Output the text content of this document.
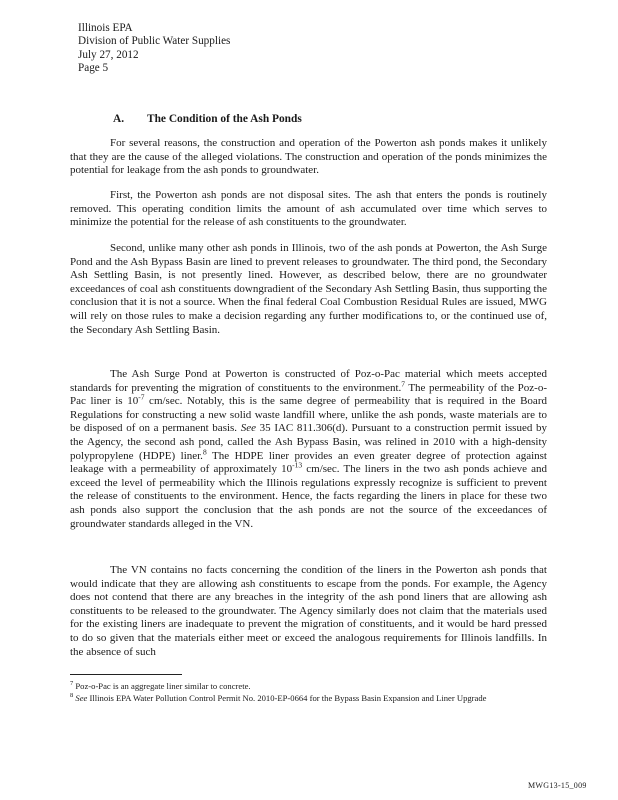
Illinois EPA
Division of Public Water Supplies
July 27, 2012
Page 5
A. The Condition of the Ash Ponds

For several reasons, the construction and operation of the Powerton ash ponds makes it unlikely that they are the cause of the alleged violations. The construction and operation of the ponds minimizes the potential for leakage from the ash ponds to groundwater.

First, the Powerton ash ponds are not disposal sites. The ash that enters the ponds is routinely removed. This operating condition limits the amount of ash accumulated over time which serves to minimize the potential for the release of ash constituents to the groundwater.

Second, unlike many other ash ponds in Illinois, two of the ash ponds at Powerton, the Ash Surge Pond and the Ash Bypass Basin are lined to prevent releases to groundwater. The third pond, the Secondary Ash Settling Basin, is not presently lined. However, as described below, there are no groundwater exceedances of coal ash constituents downgradient of the Secondary Ash Settling Basin, thus supporting the conclusion that it is not a source. When the final federal Coal Combustion Residual Rules are issued, MWG will rely on those rules to make a decision regarding any further modifications to, or the continued use of, the Secondary Ash Settling Basin.

The Ash Surge Pond at Powerton is constructed of Poz-o-Pac material which meets accepted standards for preventing the migration of constituents to the environment.$^7$ The permeability of the Poz-o-Pac liner is $10^{-7}$ cm/sec. Notably, this is the same degree of permeability that is required in the Board Regulations for constructing a new solid waste landfill where, unlike the ash ponds, waste materials are to be disposed of on a permanent basis. See 35 IAC 811.306(d). Pursuant to a construction permit issued by the Agency, the second ash pond, called the Ash Bypass Basin, was relined in 2010 with a high-density polypropylene (HDPE) liner.$^8$ The HDPE liner provides an even greater degree of protection against leakage with a permeability of approximately $10^{-13}$ cm/sec. The liners in the two ash ponds achieve and exceed the level of permeability which the Illinois regulations expressly recognize is sufficient to prevent the release of constituents to the environment. Hence, the facts regarding the liners in place for these two ash ponds also support the conclusion that the ash ponds are not the source of the exceedances of groundwater standards alleged in the VN.

The VN contains no facts concerning the condition of the liners in the Powerton ash ponds that would indicate that they are allowing ash constituents to escape from the ponds. For example, the Agency does not contend that there are any breaches in the integrity of the ash pond liners that are allowing ash constituents to be released to the groundwater. The Agency similarly does not claim that the materials used for the existing liners are inadequate to prevent the migration of constituents, and it would be hard pressed to do so given that the materials either meet or exceed the analogous requirements for Illinois landfills. In the absence of such

$^7$ Poz-o-Pac is an aggregate liner similar to concrete.
$^8$ See Illinois EPA Water Pollution Control Permit No. 2010-EP-0664 for the Bypass Basin Expansion and Liner Upgrade
MWG13-15_009
